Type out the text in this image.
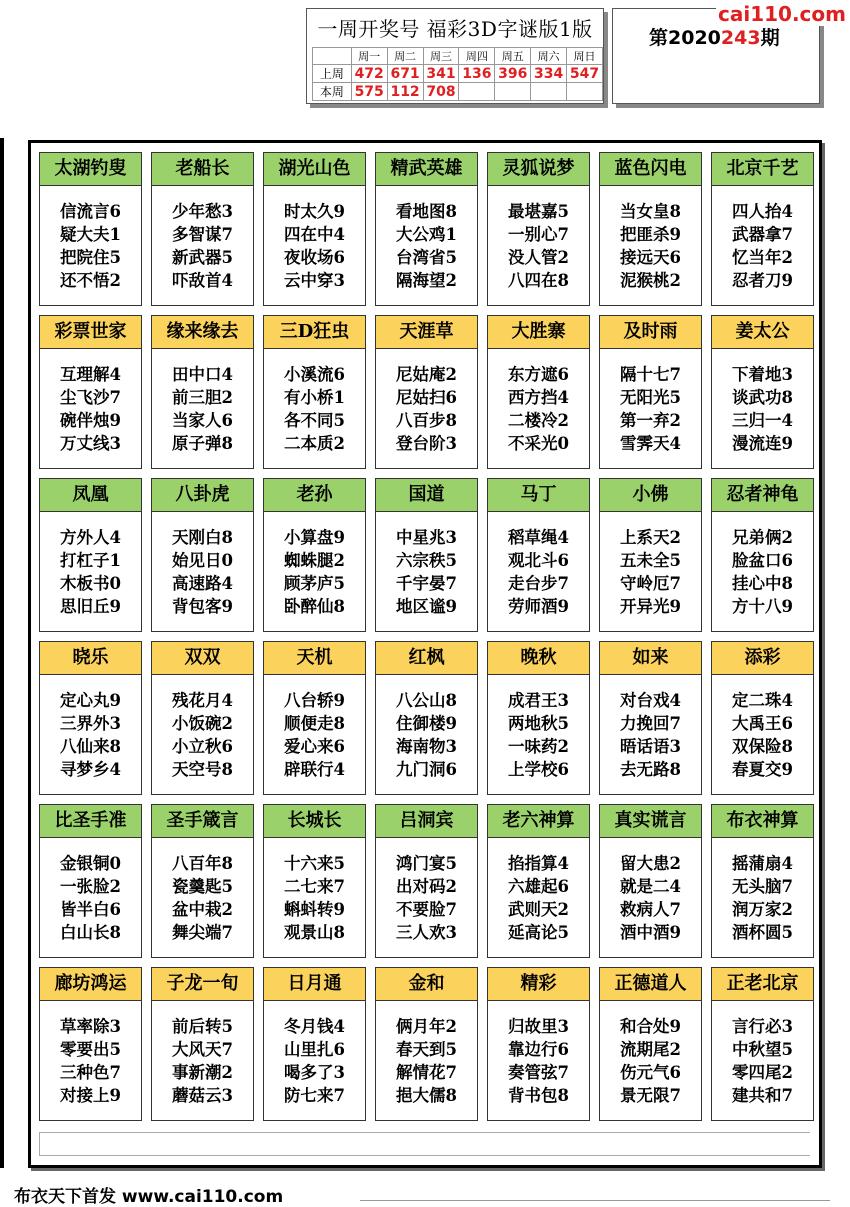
一周开奖号 福彩3D字谜版1版
	周一	周二	周三	周四	周五	周六	周日
上周	472	671	341	136	396	334	547
本周	575	112	708				
第2020243期
cai110.com
太湖钓叟
信流言6
疑大夫1
把院住5
还不悟2
老船长
少年愁3
多智谋7
新武器5
吓敌首4
湖光山色
时太久9
四在中4
夜收场6
云中穿3
精武英雄
看地图8
大公鸡1
台湾省5
隔海望2
灵狐说梦
最堪嘉5
一别心7
没人管2
八四在8
蓝色闪电
当女皇8
把匪杀9
接远天6
泥猴桃2
北京千艺
四人抬4
武器拿7
忆当年2
忍者刀9
彩票世家
互理解4
尘飞沙7
碗伴烛9
万丈线3
缘来缘去
田中口4
前三胆2
当家人6
原子弹8
三D狂虫
小溪流6
有小桥1
各不同5
二本质2
天涯草
尼姑庵2
尼姑扫6
八百步8
登台阶3
大胜寨
东方遮6
西方挡4
二楼冷2
不采光0
及时雨
隔十七7
无阳光5
第一弃2
雪霁天4
姜太公
下着地3
谈武功8
三归一4
漫流连9
凤凰
方外人4
打杠子1
木板书0
思旧丘9
八卦虎
天刚白8
始见日0
高速路4
背包客9
老孙
小算盘9
蜘蛛腿2
顾茅庐5
卧醉仙8
国道
中星兆3
六宗秩5
千宇晏7
地区谧9
马丁
稻草绳4
观北斗6
走台步7
劳师酒9
小佛
上系天2
五未全5
守岭厄7
开异光9
忍者神龟
兄弟俩2
脸盆口6
挂心中8
方十八9
晓乐
定心丸9
三界外3
八仙来8
寻梦乡4
双双
残花月4
小饭碗2
小立秋6
天空号8
天机
八台轿9
顺便走8
爱心来6
辟联行4
红枫
八公山8
住御楼9
海南物3
九门洞6
晚秋
成君王3
两地秋5
一味药2
上学校6
如来
对台戏4
力挽回7
晤话语3
去无路8
添彩
定二珠4
大禹王6
双保险8
春夏交9
比圣手准
金银铜0
一张脸2
皆半白6
白山长8
圣手箴言
八百年8
瓷羹匙5
盆中栽2
舞尖端7
长城长
十六来5
二七来7
蝌蚪转9
观景山8
吕洞宾
鸿门宴5
出对码2
不要脸7
三人欢3
老六神算
掐指算4
六雄起6
武则天2
延高论5
真实谎言
留大患2
就是二4
救病人7
酒中酒9
布衣神算
摇蒲扇4
无头脑7
润万家2
酒杯圆5
廊坊鸿运
草率除3
零要出5
三种色7
对接上9
子龙一旬
前后转5
大风天7
事新潮2
蘑菇云3
日月通
冬月钱4
山里扎6
喝多了3
防七来7
金和
俩月年2
春天到5
解情花7
挹大儒8
精彩
归故里3
靠边行6
奏管弦7
背书包8
正德道人
和合处9
流期尾2
伤元气6
景无限7
正老北京
言行必3
中秋望5
零四尾2
建共和7
布衣天下首发 www.cai110.com
